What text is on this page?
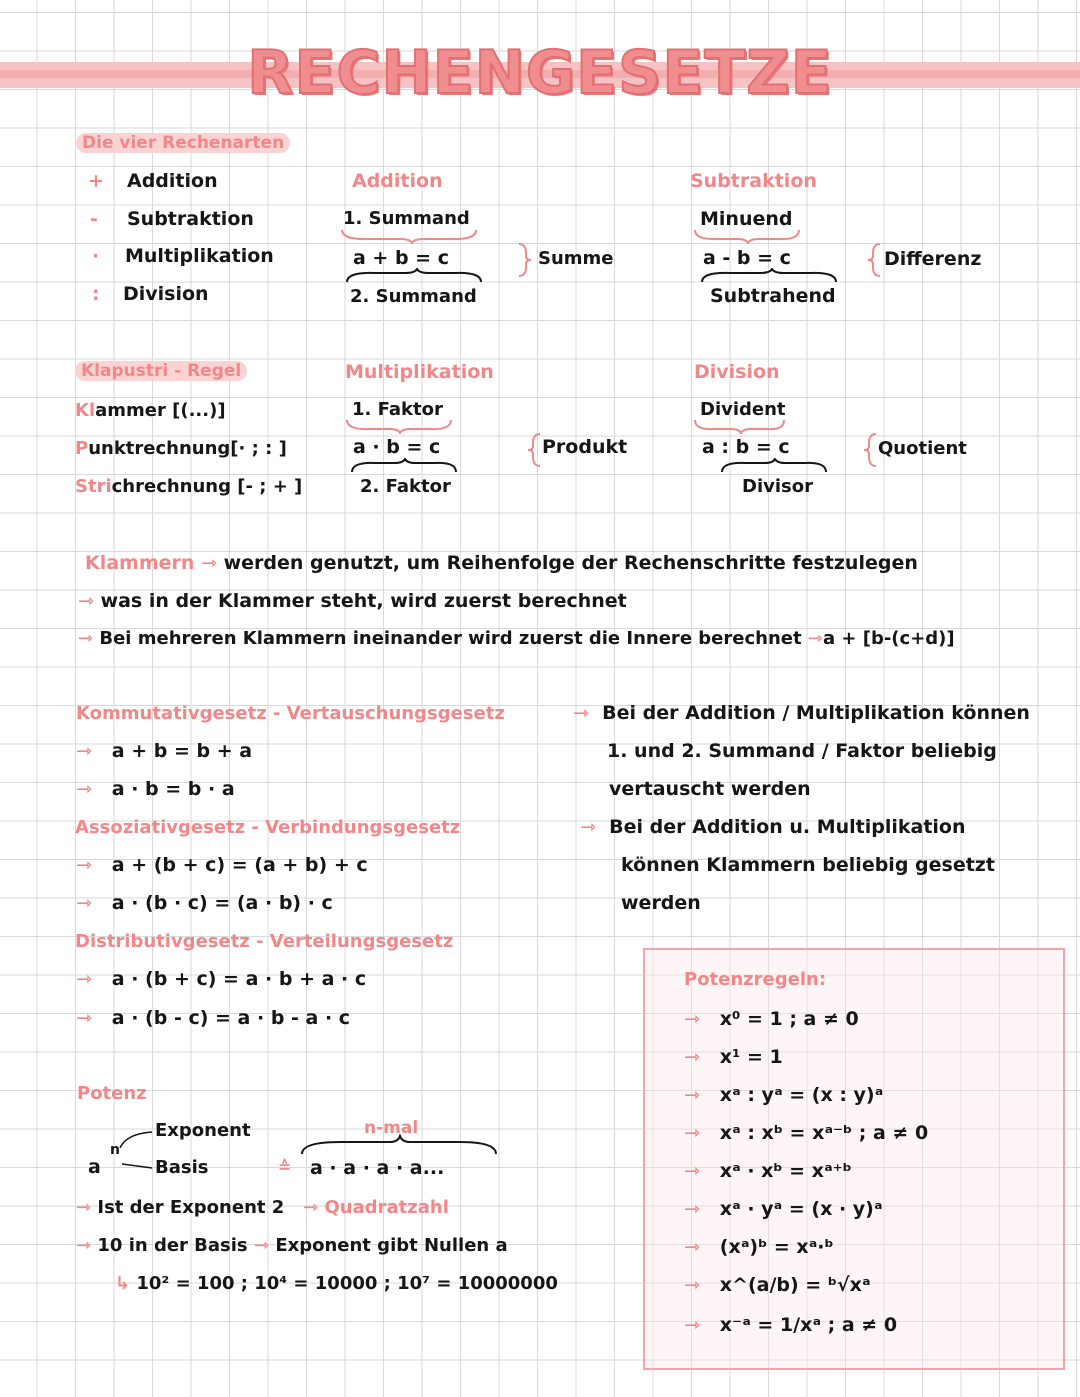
RECHENGESETZE
Die vier Rechenarten
+ Addition
- Subtraktion
· Multiplikation
: Division
Addition
1. Summand
a + b = c	Summe
2. Summand
Subtraktion
Minuend
a - b = c	Differenz
Subtrahend
Klapustri - Regel
Klammer [(...)]
Punktrechnung[· ; : ]
Strichrechnung [- ; + ]
Multiplikation
1. Faktor
a · b = c	Produkt
2. Faktor
Division
Divident
a : b = c	Quotient
Divisor
Klammern ⇾ werden genutzt, um Reihenfolge der Rechenschritte festzulegen
⇾ was in der Klammer steht, wird zuerst berechnet
⇾ Bei mehreren Klammern ineinander wird zuerst die Innere berechnet ⇾a + [b-(c+d)]
Kommutativgesetz - Vertauschungsgesetz
⇾ a + b = b + a
⇾ a · b = b · a
⇾ Bei der Addition / Multiplikation können
1. und 2. Summand / Faktor beliebig
vertauscht werden
Assoziativgesetz - Verbindungsgesetz
⇾ a + (b + c) = (a + b) + c
⇾ a · (b · c) = (a · b) · c
⇾ Bei der Addition u. Multiplikation
können Klammern beliebig gesetzt
werden
Distributivgesetz - Verteilungsgesetz
⇾ a · (b + c) = a · b + a · c
⇾ a · (b - c) = a · b - a · c
Potenz
a
n
Exponent
Basis	≙
n-mal
a · a · a · a...
⇾ Ist der Exponent 2 ⇾ Quadratzahl
⇾ 10 in der Basis ⇾ Exponent gibt Nullen a
↳ 10² = 100 ; 10⁴ = 10000 ; 10⁷ = 10000000
Potenzregeln:
⇾ x⁰ = 1 ; a ≠ 0
⇾ x¹ = 1
⇾ xᵃ : yᵃ = (x : y)ᵃ
⇾ xᵃ : xᵇ = xᵃ⁻ᵇ ; a ≠ 0
⇾ xᵃ · xᵇ = xᵃ⁺ᵇ
⇾ xᵃ · yᵃ = (x · y)ᵃ
⇾ (xᵃ)ᵇ = xᵃ·ᵇ
⇾ x^(a/b) = ᵇ√xᵃ
⇾ x⁻ᵃ = 1/xᵃ ; a ≠ 0
